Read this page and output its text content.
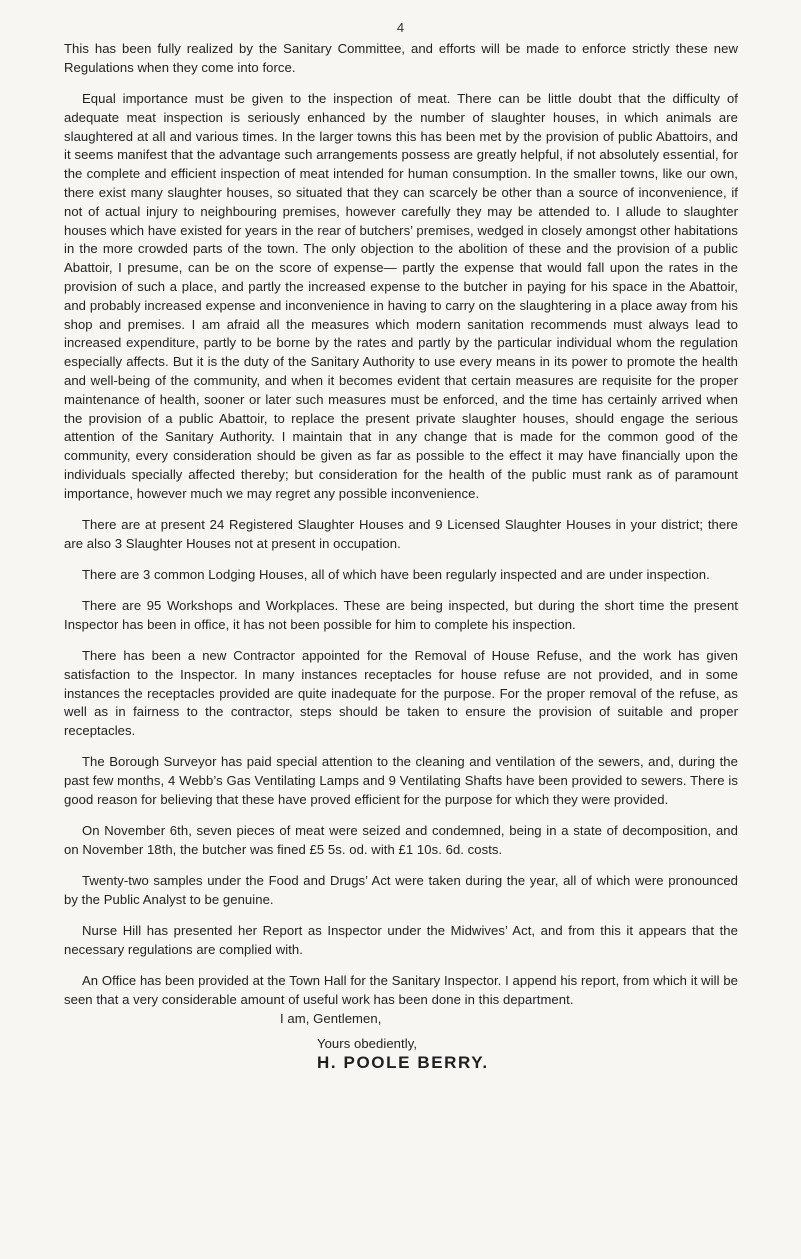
4

This has been fully realized by the Sanitary Committee, and efforts will be made to enforce strictly these new Regulations when they come into force.

Equal importance must be given to the inspection of meat. There can be little doubt that the difficulty of adequate meat inspection is seriously enhanced by the number of slaughter houses, in which animals are slaughtered at all and various times. In the larger towns this has been met by the provision of public Abattoirs, and it seems manifest that the advantage such arrangements possess are greatly helpful, if not absolutely essential, for the complete and efficient inspection of meat intended for human consumption. In the smaller towns, like our own, there exist many slaughter houses, so situated that they can scarcely be other than a source of inconvenience, if not of actual injury to neighbouring premises, however carefully they may be attended to. I allude to slaughter houses which have existed for years in the rear of butchers’ premises, wedged in closely amongst other habitations in the more crowded parts of the town. The only objection to the abolition of these and the provision of a public Abattoir, I presume, can be on the score of expense— partly the expense that would fall upon the rates in the provision of such a place, and partly the increased expense to the butcher in paying for his space in the Abattoir, and probably increased expense and inconvenience in having to carry on the slaughtering in a place away from his shop and premises. I am afraid all the measures which modern sanitation recommends must always lead to increased expenditure, partly to be borne by the rates and partly by the particular individual whom the regulation especially affects. But it is the duty of the Sanitary Authority to use every means in its power to promote the health and well-being of the community, and when it becomes evident that certain measures are requisite for the proper maintenance of health, sooner or later such measures must be enforced, and the time has certainly arrived when the provision of a public Abattoir, to replace the present private slaughter houses, should engage the serious attention of the Sanitary Authority. I maintain that in any change that is made for the common good of the community, every consideration should be given as far as possible to the effect it may have financially upon the individuals specially affected thereby; but consideration for the health of the public must rank as of paramount importance, however much we may regret any possible inconvenience.

There are at present 24 Registered Slaughter Houses and 9 Licensed Slaughter Houses in your district; there are also 3 Slaughter Houses not at present in occupation.

There are 3 common Lodging Houses, all of which have been regularly inspected and are under inspection.

There are 95 Workshops and Workplaces. These are being inspected, but during the short time the present Inspector has been in office, it has not been possible for him to complete his inspection.

There has been a new Contractor appointed for the Removal of House Refuse, and the work has given satisfaction to the Inspector. In many instances receptacles for house refuse are not provided, and in some instances the receptacles provided are quite inadequate for the purpose. For the proper removal of the refuse, as well as in fairness to the contractor, steps should be taken to ensure the provision of suitable and proper receptacles.

The Borough Surveyor has paid special attention to the cleaning and ventilation of the sewers, and, during the past few months, 4 Webb’s Gas Ventilating Lamps and 9 Ventilating Shafts have been provided to sewers. There is good reason for believing that these have proved efficient for the purpose for which they were provided.

On November 6th, seven pieces of meat were seized and condemned, being in a state of decomposition, and on November 18th, the butcher was fined £5 5s. od. with £1 10s. 6d. costs.

Twenty-two samples under the Food and Drugs’ Act were taken during the year, all of which were pronounced by the Public Analyst to be genuine.

Nurse Hill has presented her Report as Inspector under the Midwives’ Act, and from this it appears that the necessary regulations are complied with.

An Office has been provided at the Town Hall for the Sanitary Inspector. I append his report, from which it will be seen that a very considerable amount of useful work has been done in this department.

I am, Gentlemen,

Yours obediently,

H. POOLE BERRY.
